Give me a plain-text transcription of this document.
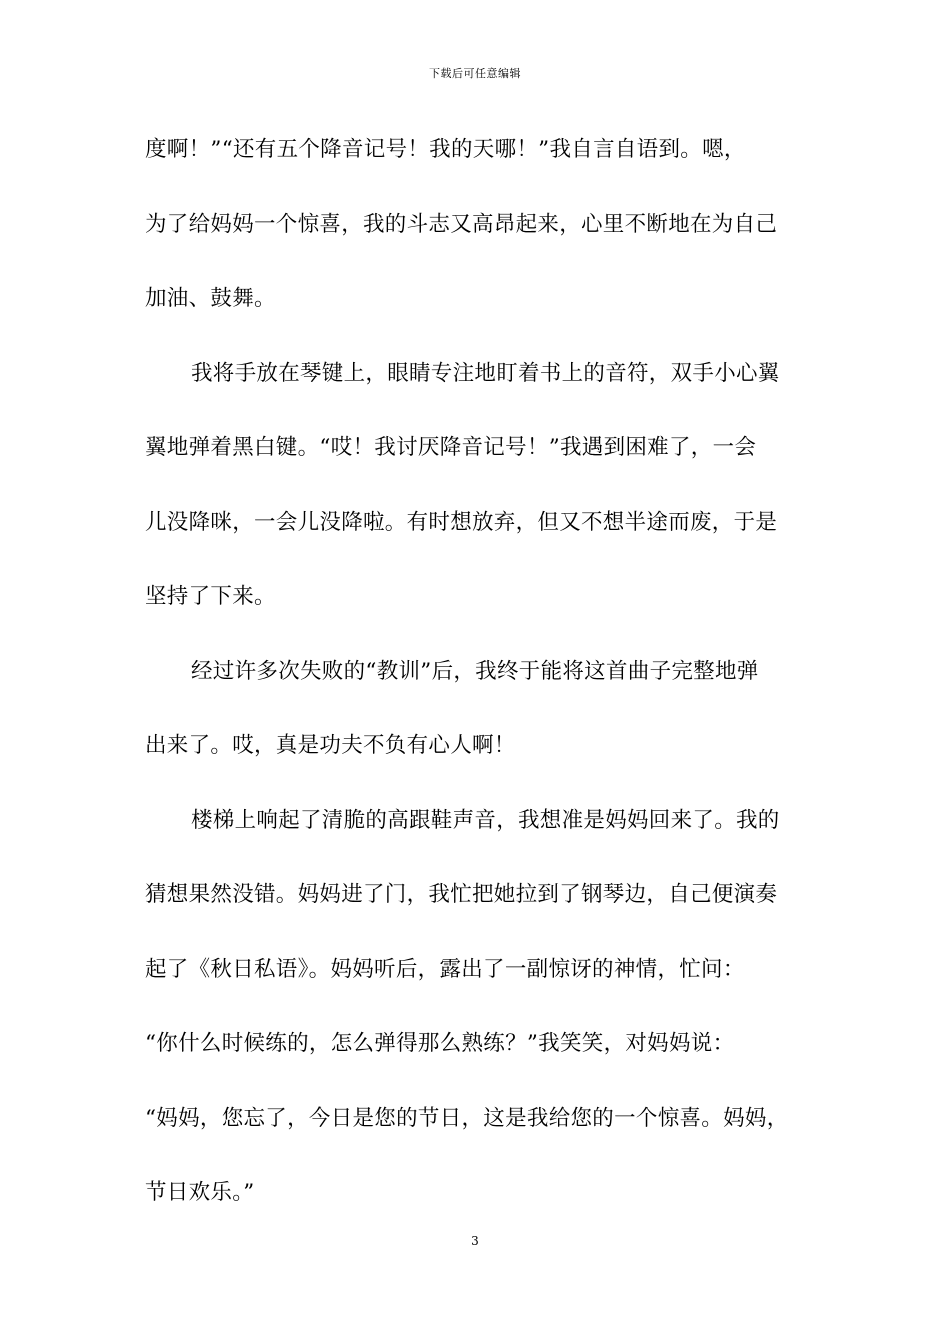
下载后可任意编辑
度啊！”“还有五个降音记号！我的天哪！”我自言自语到。嗯，
为了给妈妈一个惊喜，我的斗志又高昂起来，心里不断地在为自己
加油、鼓舞。
我将手放在琴键上，眼睛专注地盯着书上的音符，双手小心翼
翼地弹着黑白键。“哎！我讨厌降音记号！”我遇到困难了，一会
儿没降咪，一会儿没降啦。有时想放弃，但又不想半途而废，于是
坚持了下来。
经过许多次失败的“教训”后，我终于能将这首曲子完整地弹
出来了。哎，真是功夫不负有心人啊！
楼梯上响起了清脆的高跟鞋声音，我想准是妈妈回来了。我的
猜想果然没错。妈妈进了门，我忙把她拉到了钢琴边，自己便演奏
起了《秋日私语》。妈妈听后，露出了一副惊讶的神情，忙问：
“你什么时候练的，怎么弹得那么熟练？”我笑笑，对妈妈说：
“妈妈，您忘了，今日是您的节日，这是我给您的一个惊喜。妈妈，
节日欢乐。”
3
